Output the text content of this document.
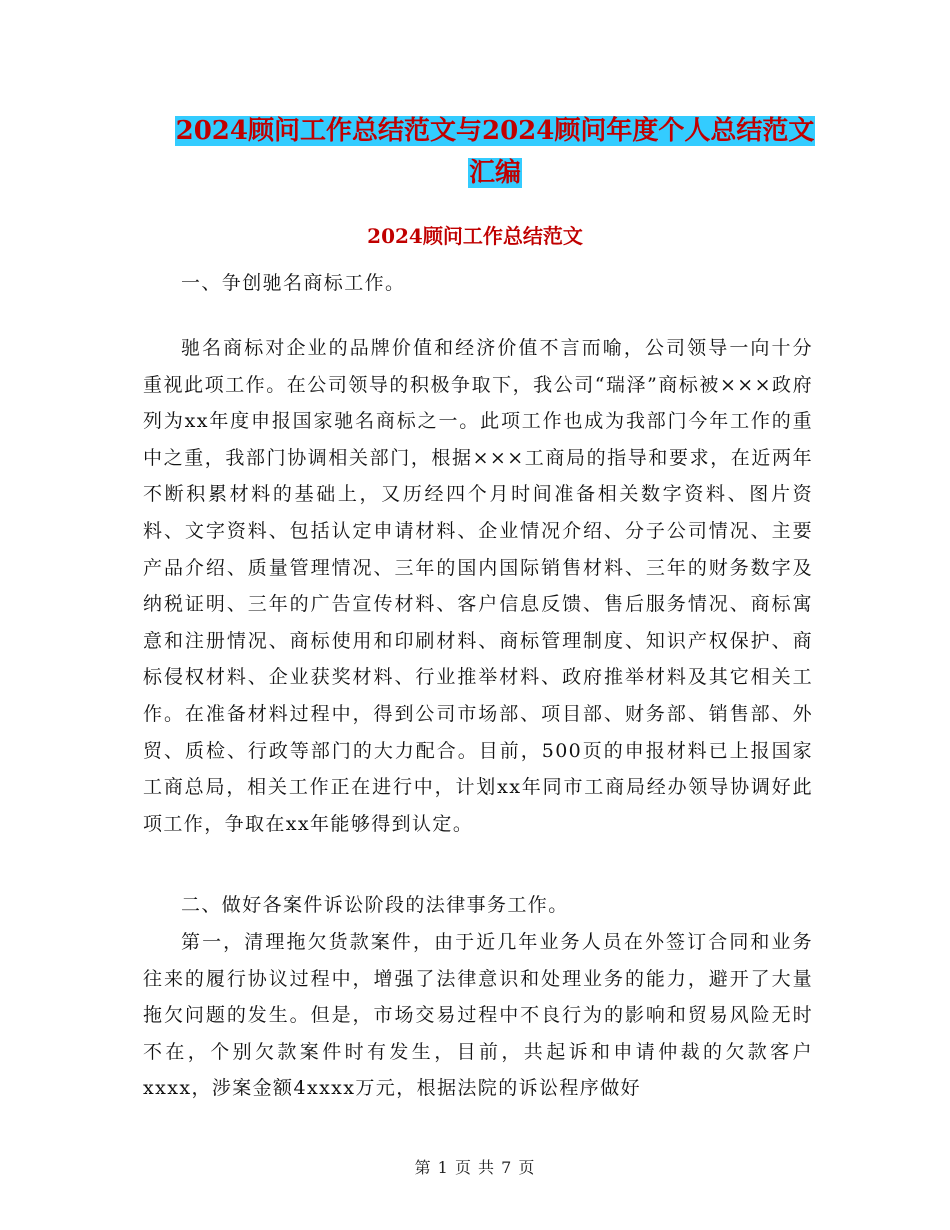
2024顾问工作总结范文与2024顾问年度个人总结范文
汇编
2024顾问工作总结范文

一、争创驰名商标工作。

驰名商标对企业的品牌价值和经济价值不言而喻，公司领导一向十分重视此项工作。在公司领导的积极争取下，我公司“瑞泽”商标被×××政府列为xx年度申报国家驰名商标之一。此项工作也成为我部门今年工作的重中之重，我部门协调相关部门，根据×××工商局的指导和要求，在近两年不断积累材料的基础上，又历经四个月时间准备相关数字资料、图片资料、文字资料、包括认定申请材料、企业情况介绍、分子公司情况、主要产品介绍、质量管理情况、三年的国内国际销售材料、三年的财务数字及纳税证明、三年的广告宣传材料、客户信息反馈、售后服务情况、商标寓意和注册情况、商标使用和印刷材料、商标管理制度、知识产权保护、商标侵权材料、企业获奖材料、行业推举材料、政府推举材料及其它相关工作。在准备材料过程中，得到公司市场部、项目部、财务部、销售部、外贸、质检、行政等部门的大力配合。目前，500页的申报材料已上报国家工商总局，相关工作正在进行中，计划xx年同市工商局经办领导协调好此项工作，争取在xx年能够得到认定。

二、做好各案件诉讼阶段的法律事务工作。

第一，清理拖欠货款案件，由于近几年业务人员在外签订合同和业务往来的履行协议过程中，增强了法律意识和处理业务的能力，避开了大量拖欠问题的发生。但是，市场交易过程中不良行为的影响和贸易风险无时不在，个别欠款案件时有发生，目前，共起诉和申请仲裁的欠款客户xxxx，涉案金额4xxxx万元，根据法院的诉讼程序做好

第 1 页 共 7 页
